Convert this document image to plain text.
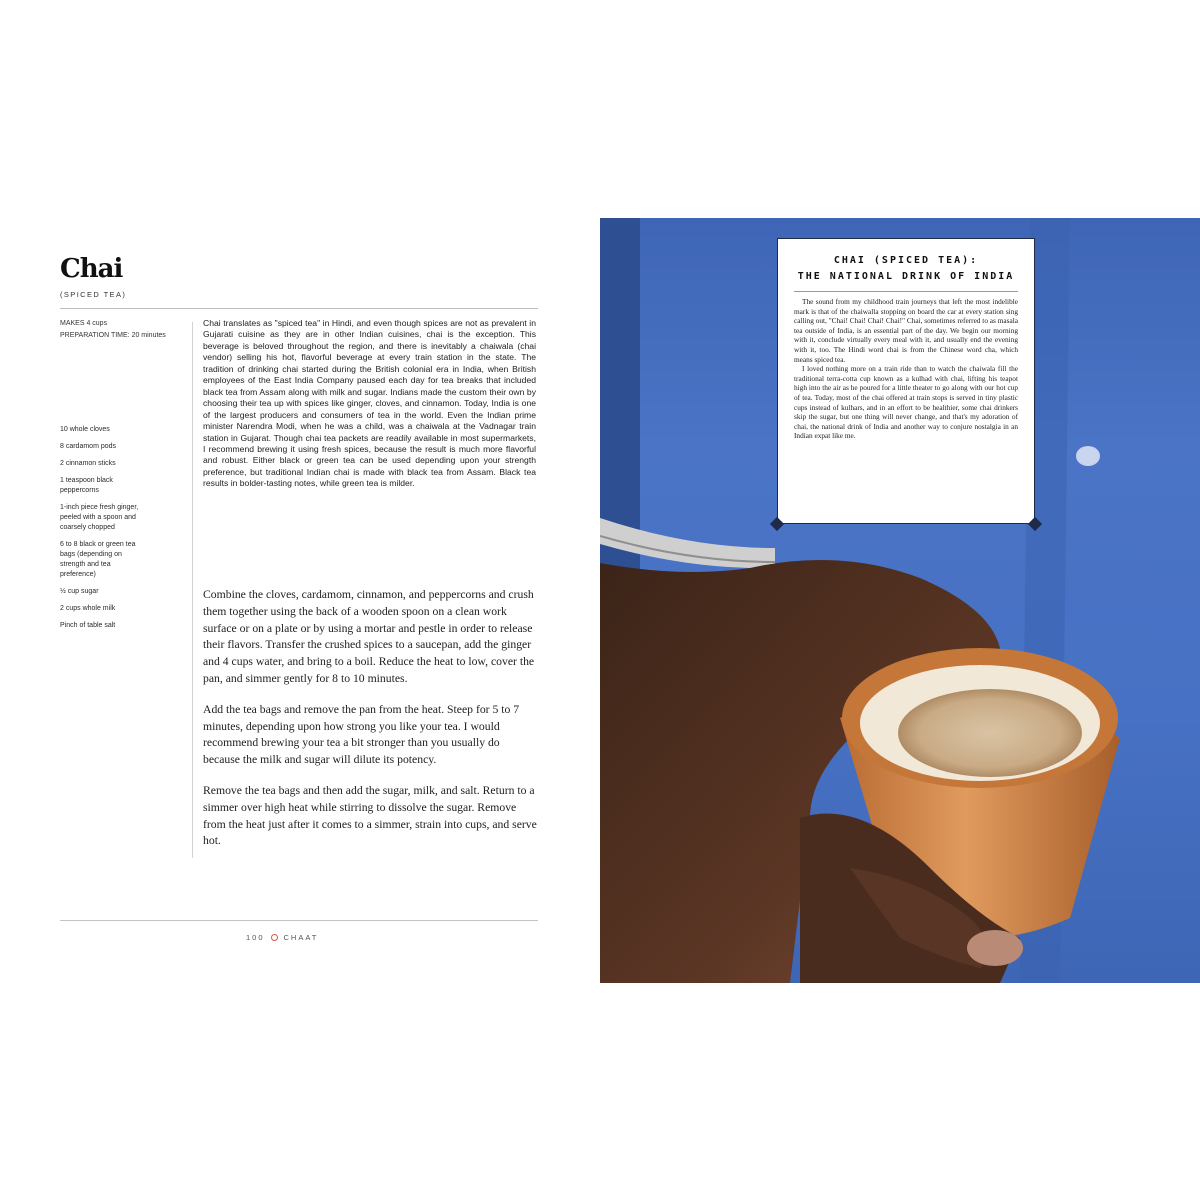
Chai
(SPICED TEA)
MAKES 4 cups
PREPARATION TIME: 20 minutes
10 whole cloves
8 cardamom pods
2 cinnamon sticks
1 teaspoon black peppercorns
1-inch piece fresh ginger, peeled with a spoon and coarsely chopped
6 to 8 black or green tea bags (depending on strength and tea preference)
½ cup sugar
2 cups whole milk
Pinch of table salt

Chai translates as "spiced tea" in Hindi, and even though spices are not as prevalent in Gujarati cuisine as they are in other Indian cuisines, chai is the exception. This beverage is beloved throughout the region, and there is inevitably a chaiwala (chai vendor) selling his hot, flavorful beverage at every train station in the state. The tradition of drinking chai started during the British colonial era in India, when British employees of the East India Company paused each day for tea breaks that included black tea from Assam along with milk and sugar. Indians made the custom their own by choosing their tea up with spices like ginger, cloves, and cinnamon. Today, India is one of the largest producers and consumers of tea in the world. Even the Indian prime minister Narendra Modi, when he was a child, was a chaiwala at the Vadnagar train station in Gujarat. Though chai tea packets are readily available in most supermarkets, I recommend brewing it using fresh spices, because the result is much more flavorful and robust. Either black or green tea can be used depending upon your strength preference, but traditional Indian chai is made with black tea from Assam. Black tea results in bolder-tasting notes, while green tea is milder.

Combine the cloves, cardamom, cinnamon, and peppercorns and crush them together using the back of a wooden spoon on a clean work surface or on a plate or by using a mortar and pestle in order to release their flavors. Transfer the crushed spices to a saucepan, add the ginger and 4 cups water, and bring to a boil. Reduce the heat to low, cover the pan, and simmer gently for 8 to 10 minutes.

Add the tea bags and remove the pan from the heat. Steep for 5 to 7 minutes, depending upon how strong you like your tea. I would recommend brewing your tea a bit stronger than you usually do because the milk and sugar will dilute its potency.

Remove the tea bags and then add the sugar, milk, and salt. Return to a simmer over high heat while stirring to dissolve the sugar. Remove from the heat just after it comes to a simmer, strain into cups, and serve hot.

100	CHAAT
CHAI (SPICED TEA):
THE NATIONAL DRINK OF INDIA

The sound from my childhood train journeys that left the most indelible mark is that of the chaiwalla stopping on board the car at every station sing calling out, "Chai! Chai! Chai! Chai!" Chai, sometimes referred to as masala tea outside of India, is an essential part of the day. We begin our morning with it, conclude virtually every meal with it, and usually end the evening with it, too. The Hindi word chai is from the Chinese word cha, which means spiced tea.

I loved nothing more on a train ride than to watch the chaiwala fill the traditional terra-cotta cup known as a kulhad with chai, lifting his teapot high into the air as he poured for a little theater to go along with our hot cup of tea. Today, most of the chai offered at train stops is served in tiny plastic cups instead of kulhars, and in an effort to be healthier, some chai drinkers skip the sugar, but one thing will never change, and that's my adoration of chai, the national drink of India and another way to conjure nostalgia in an Indian expat like me.
